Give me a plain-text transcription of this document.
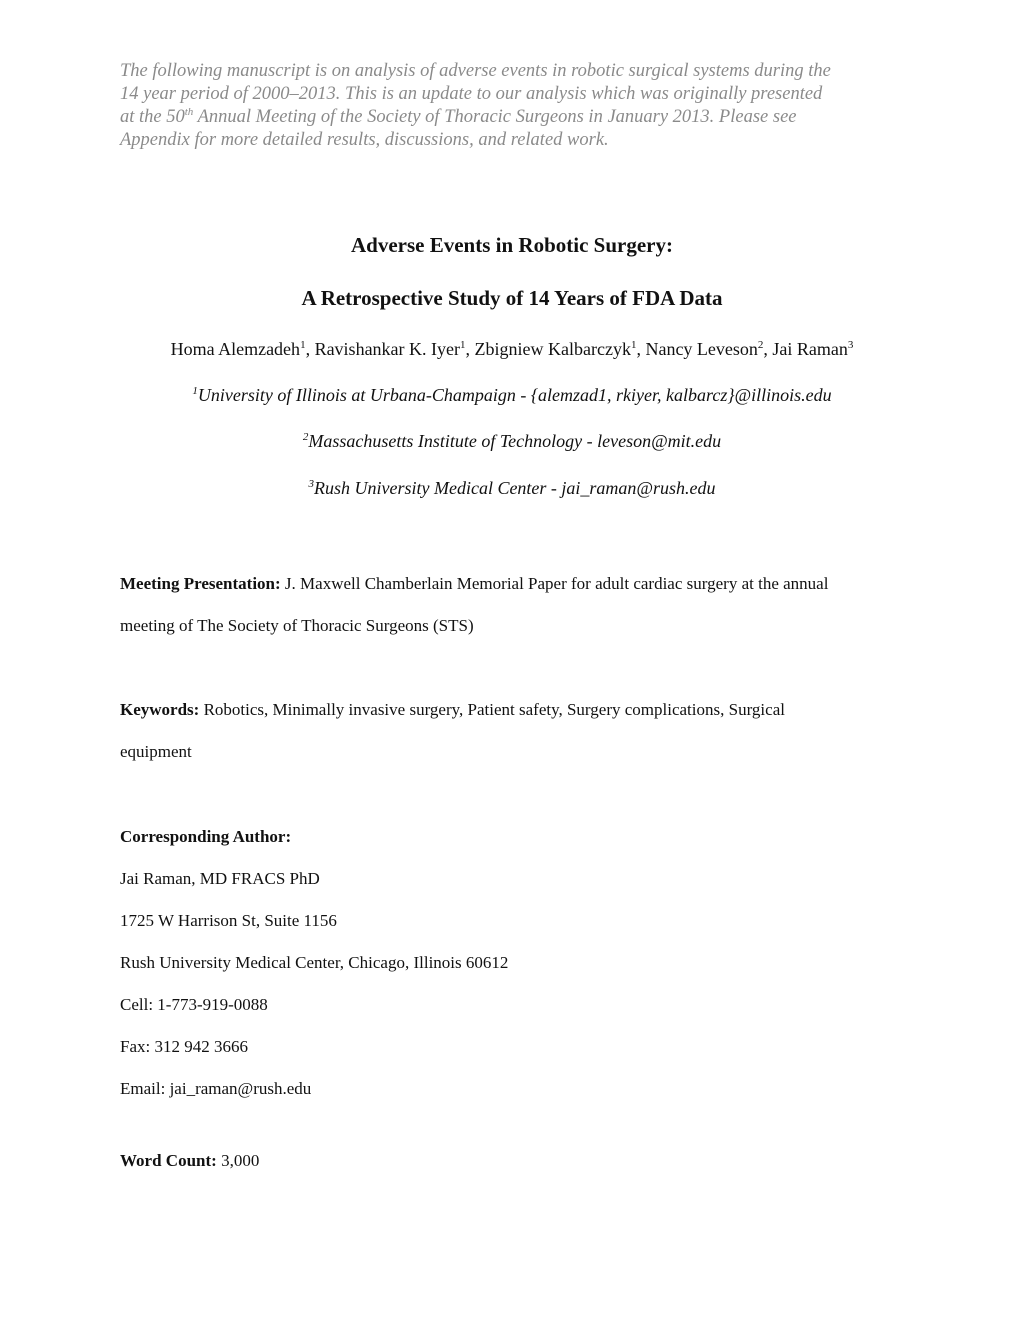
The following manuscript is on analysis of adverse events in robotic surgical systems during the

14 year period of 2000–2013. This is an update to our analysis which was originally presented

at the 50th Annual Meeting of the Society of Thoracic Surgeons in January 2013. Please see

Appendix for more detailed results, discussions, and related work.

Adverse Events in Robotic Surgery:
A Retrospective Study of 14 Years of FDA Data
Homa Alemzadeh$^1$, Ravishankar K. Iyer$^1$, Zbigniew Kalbarczyk$^1$, Nancy Leveson$^2$, Jai Raman$^3$
$^1$University of Illinois at Urbana-Champaign - {alemzad1, rkiyer, kalbarcz}@illinois.edu
$^2$Massachusetts Institute of Technology - leveson@mit.edu
$^3$Rush University Medical Center - jai_raman@rush.edu
Meeting Presentation: J. Maxwell Chamberlain Memorial Paper for adult cardiac surgery at the annual
meeting of The Society of Thoracic Surgeons (STS)
Keywords: Robotics, Minimally invasive surgery, Patient safety, Surgery complications, Surgical
equipment
Corresponding Author:
Jai Raman, MD FRACS PhD
1725 W Harrison St, Suite 1156
Rush University Medical Center, Chicago, Illinois 60612
Cell: 1-773-919-0088
Fax: 312 942 3666
Email: jai_raman@rush.edu
Word Count: 3,000
